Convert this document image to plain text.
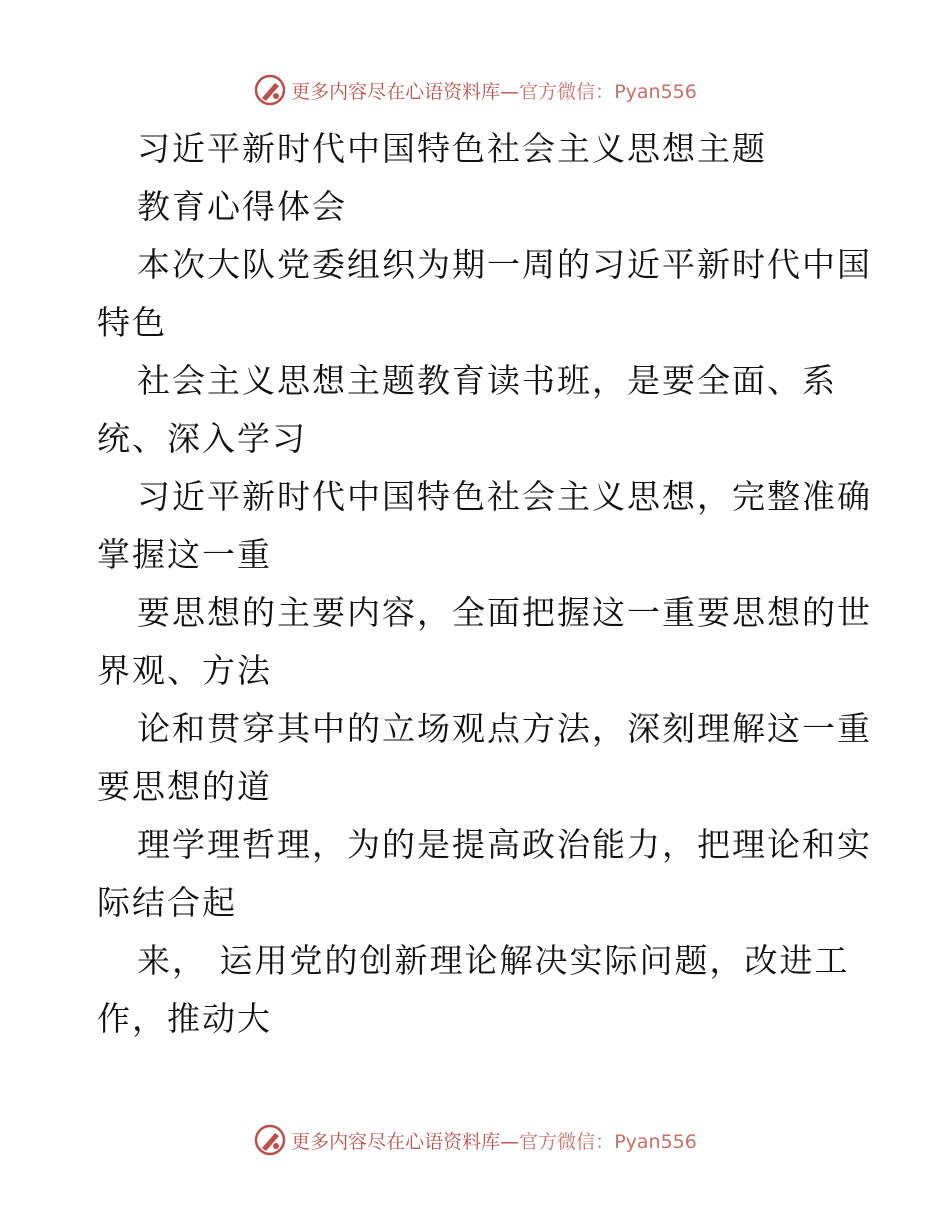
更多内容尽在心语资料库—官方微信：Pyan556
习近平新时代中国特色社会主义思想主题
教育心得体会
本次大队党委组织为期一周的习近平新时代中国
特色
社会主义思想主题教育读书班，是要全面、系
统、深入学习
习近平新时代中国特色社会主义思想，完整准确
掌握这一重
要思想的主要内容，全面把握这一重要思想的世
界观、方法
论和贯穿其中的立场观点方法，深刻理解这一重
要思想的道
理学理哲理，为的是提高政治能力，把理论和实
际结合起
来， 运用党的创新理论解决实际问题，改进工
作，推动大
更多内容尽在心语资料库—官方微信：Pyan556
